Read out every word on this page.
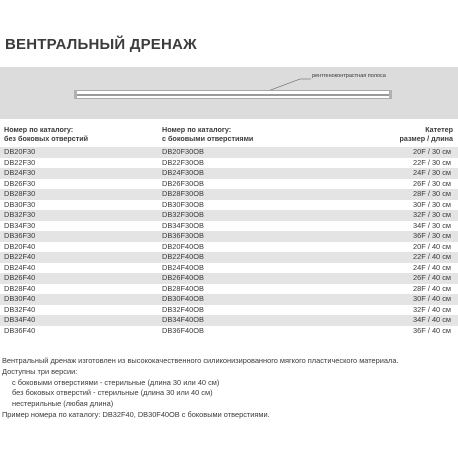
ВЕНТРАЛЬНЫЙ ДРЕНАЖ
рентгеноконтрастная полоса
Номер по каталогу:
без боковых отверстий
Номер по каталогу:
с боковыми отверстиями
Катетер
размер / длина
DB20F30	DB20F30OB	20F / 30 см
DB22F30	DB22F30OB	22F / 30 см
DB24F30	DB24F30OB	24F / 30 см
DB26F30	DB26F30OB	26F / 30 см
DB28F30	DB28F30OB	28F / 30 см
DB30F30	DB30F30OB	30F / 30 см
DB32F30	DB32F30OB	32F / 30 см
DB34F30	DB34F30OB	34F / 30 см
DB36F30	DB36F30OB	36F / 30 см
DB20F40	DB20F40OB	20F / 40 см
DB22F40	DB22F40OB	22F / 40 см
DB24F40	DB24F40OB	24F / 40 см
DB26F40	DB26F40OB	26F / 40 см
DB28F40	DB28F40OB	28F / 40 см
DB30F40	DB30F40OB	30F / 40 см
DB32F40	DB32F40OB	32F / 40 см
DB34F40	DB34F40OB	34F / 40 см
DB36F40	DB36F40OB	36F / 40 см
Вентральный дренаж изготовлен из высококачественного силиконизированного мягкого пластического материала.
Доступны три версии:
с боковыми отверстиями - стерильные (длина 30 или 40 см)
без боковых отверстий - стерильные (длина 30 или 40 см)
нестерильные (любая длина)
Пример номера по каталогу: DB32F40, DB30F40OB с боковыми отверстиями.
